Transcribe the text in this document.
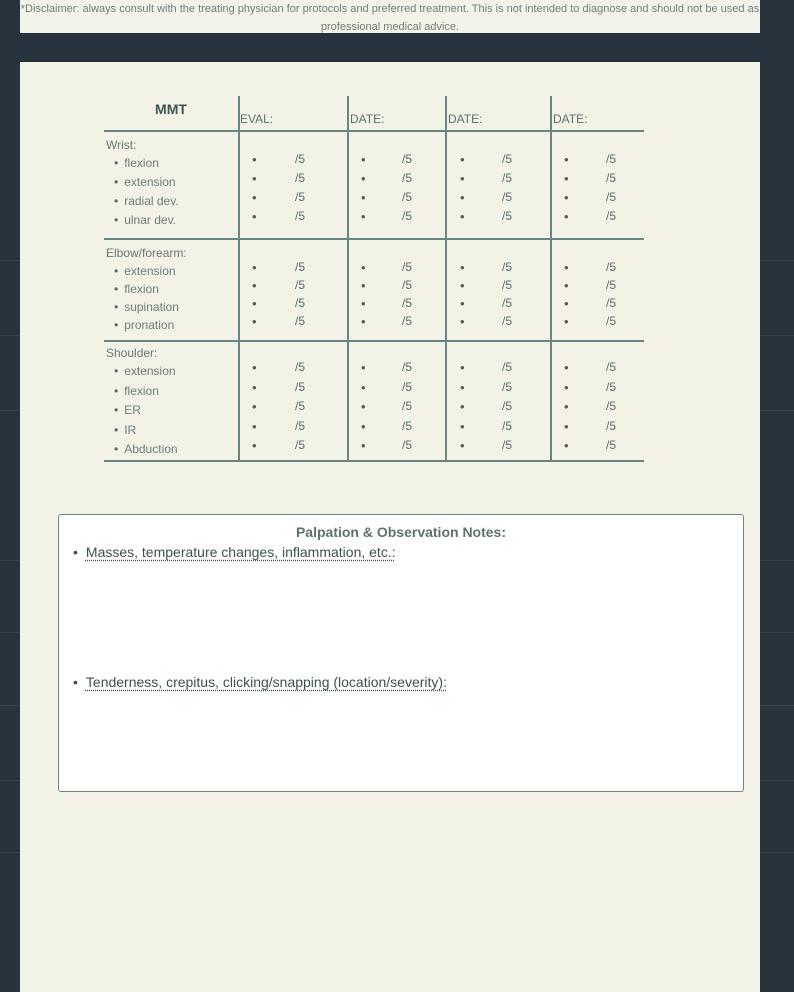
*Disclaimer: always consult with the treating physician for protocols and preferred treatment. This is not intended to diagnose and should not be used as professional medical advice.
MMT
EVAL:	DATE:	DATE:	DATE:
Wrist:
• flexion	•	/5	•	/5	•	/5	•	/5
• extension	•	/5	•	/5	•	/5	•	/5
• radial dev.	•	/5	•	/5	•	/5	•	/5
• ulnar dev.	•	/5	•	/5	•	/5	•	/5
Elbow/forearm:
• extension	•	/5	•	/5	•	/5	•	/5
• flexion	•	/5	•	/5	•	/5	•	/5
• supination	•	/5	•	/5	•	/5	•	/5
• pronation	•	/5	•	/5	•	/5	•	/5
Shoulder:
• extension	•	/5	•	/5	•	/5	•	/5
• flexion	•	/5	•	/5	•	/5	•	/5
• ER	•	/5	•	/5	•	/5	•	/5
• IR	•	/5	•	/5	•	/5	•	/5
• Abduction	•	/5	•	/5	•	/5	•	/5
Palpation & Observation Notes:
• Masses, temperature changes, inflammation, etc.:
• Tenderness, crepitus, clicking/snapping (location/severity):
